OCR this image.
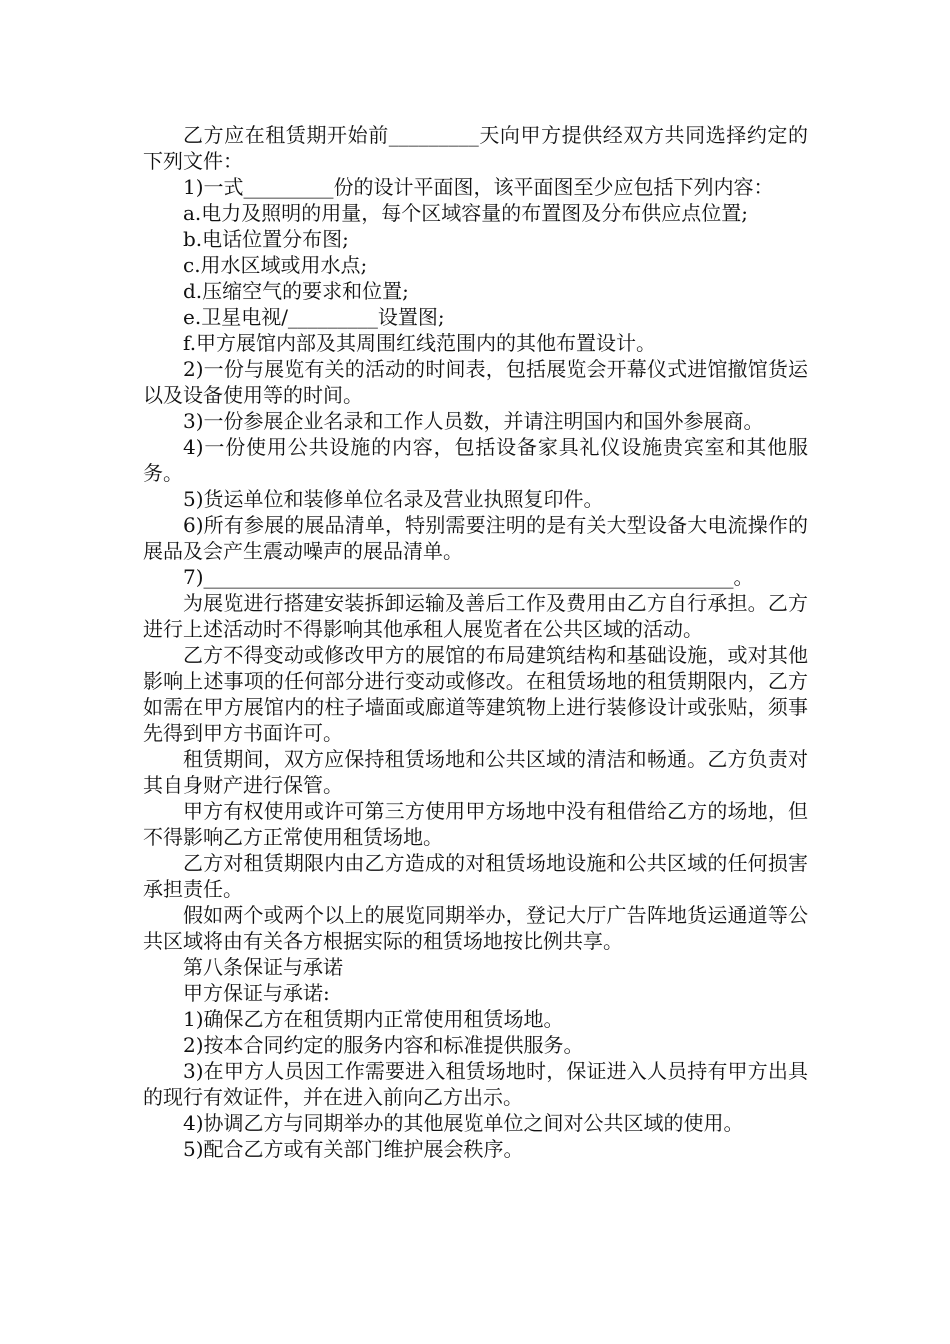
乙方应在租赁期开始前_________天向甲方提供经双方共同选择约定的下列文件：

1)一式_________份的设计平面图，该平面图至少应包括下列内容：

a.电力及照明的用量，每个区域容量的布置图及分布供应点位置;

b.电话位置分布图;

c.用水区域或用水点;

d.压缩空气的要求和位置;

e.卫星电视/_________设置图;

f.甲方展馆内部及其周围红线范围内的其他布置设计。

2)一份与展览有关的活动的时间表，包括展览会开幕仪式进馆撤馆货运以及设备使用等的时间。

3)一份参展企业名录和工作人员数，并请注明国内和国外参展商。

4)一份使用公共设施的内容，包括设备家具礼仪设施贵宾室和其他服务。

5)货运单位和装修单位名录及营业执照复印件。

6)所有参展的展品清单，特别需要注明的是有关大型设备大电流操作的展品及会产生震动噪声的展品清单。

7)_____________________________________________________。

为展览进行搭建安装拆卸运输及善后工作及费用由乙方自行承担。乙方进行上述活动时不得影响其他承租人展览者在公共区域的活动。

乙方不得变动或修改甲方的展馆的布局建筑结构和基础设施，或对其他影响上述事项的任何部分进行变动或修改。在租赁场地的租赁期限内，乙方如需在甲方展馆内的柱子墙面或廊道等建筑物上进行装修设计或张贴，须事先得到甲方书面许可。

租赁期间，双方应保持租赁场地和公共区域的清洁和畅通。乙方负责对其自身财产进行保管。

甲方有权使用或许可第三方使用甲方场地中没有租借给乙方的场地，但不得影响乙方正常使用租赁场地。

乙方对租赁期限内由乙方造成的对租赁场地设施和公共区域的任何损害承担责任。

假如两个或两个以上的展览同期举办，登记大厅广告阵地货运通道等公共区域将由有关各方根据实际的租赁场地按比例共享。

第八条保证与承诺

甲方保证与承诺:

1)确保乙方在租赁期内正常使用租赁场地。

2)按本合同约定的服务内容和标准提供服务。

3)在甲方人员因工作需要进入租赁场地时，保证进入人员持有甲方出具的现行有效证件，并在进入前向乙方出示。

4)协调乙方与同期举办的其他展览单位之间对公共区域的使用。

5)配合乙方或有关部门维护展会秩序。
